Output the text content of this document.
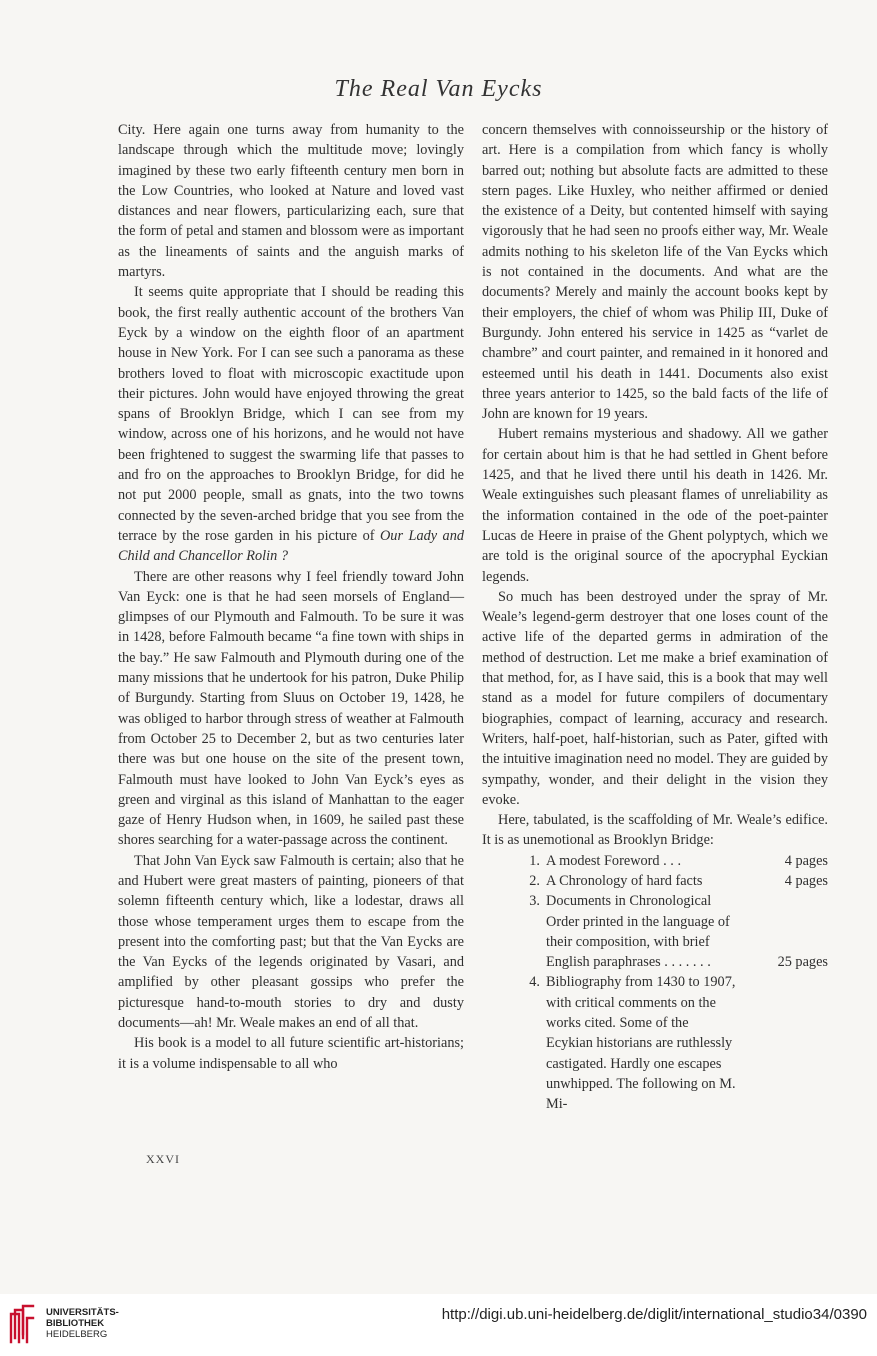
The Real Van Eycks

City. Here again one turns away from humanity to the landscape through which the multitude move; lovingly imagined by these two early fifteenth century men born in the Low Countries, who looked at Nature and loved vast distances and near flowers, particularizing each, sure that the form of petal and stamen and blossom were as important as the lineaments of saints and the anguish marks of martyrs.

It seems quite appropriate that I should be reading this book, the first really authentic account of the brothers Van Eyck by a window on the eighth floor of an apartment house in New York. For I can see such a panorama as these brothers loved to float with microscopic exactitude upon their pictures. John would have enjoyed throwing the great spans of Brooklyn Bridge, which I can see from my window, across one of his horizons, and he would not have been frightened to suggest the swarming life that passes to and fro on the approaches to Brooklyn Bridge, for did he not put 2000 people, small as gnats, into the two towns connected by the seven-arched bridge that you see from the terrace by the rose garden in his picture of Our Lady and Child and Chancellor Rolin ?

There are other reasons why I feel friendly toward John Van Eyck: one is that he had seen morsels of England—glimpses of our Plymouth and Falmouth. To be sure it was in 1428, before Falmouth became “a fine town with ships in the bay.” He saw Falmouth and Plymouth during one of the many missions that he undertook for his patron, Duke Philip of Burgundy. Starting from Sluus on October 19, 1428, he was obliged to harbor through stress of weather at Falmouth from October 25 to December 2, but as two centuries later there was but one house on the site of the present town, Falmouth must have looked to John Van Eyck’s eyes as green and virginal as this island of Manhattan to the eager gaze of Henry Hudson when, in 1609, he sailed past these shores searching for a water-passage across the continent.

That John Van Eyck saw Falmouth is certain; also that he and Hubert were great masters of painting, pioneers of that solemn fifteenth century which, like a lodestar, draws all those whose temperament urges them to escape from the present into the comforting past; but that the Van Eycks are the Van Eycks of the legends originated by Vasari, and amplified by other pleasant gossips who prefer the picturesque hand-to-mouth stories to dry and dusty documents—ah! Mr. Weale makes an end of all that.

His book is a model to all future scientific art-historians; it is a volume indispensable to all who

concern themselves with connoisseurship or the history of art. Here is a compilation from which fancy is wholly barred out; nothing but absolute facts are admitted to these stern pages. Like Huxley, who neither affirmed or denied the existence of a Deity, but contented himself with saying vigorously that he had seen no proofs either way, Mr. Weale admits nothing to his skeleton life of the Van Eycks which is not contained in the documents. And what are the documents? Merely and mainly the account books kept by their employers, the chief of whom was Philip III, Duke of Burgundy. John entered his service in 1425 as “varlet de chambre” and court painter, and remained in it honored and esteemed until his death in 1441. Documents also exist three years anterior to 1425, so the bald facts of the life of John are known for 19 years.

Hubert remains mysterious and shadowy. All we gather for certain about him is that he had settled in Ghent before 1425, and that he lived there until his death in 1426. Mr. Weale extinguishes such pleasant flames of unreliability as the information contained in the ode of the poet-painter Lucas de Heere in praise of the Ghent polyptych, which we are told is the original source of the apocryphal Eyckian legends.

So much has been destroyed under the spray of Mr. Weale’s legend-germ destroyer that one loses count of the active life of the departed germs in admiration of the method of destruction. Let me make a brief examination of that method, for, as I have said, this is a book that may well stand as a model for future compilers of documentary biographies, compact of learning, accuracy and research. Writers, half-poet, half-historian, such as Pater, gifted with the intuitive imagination need no model. They are guided by sympathy, wonder, and their delight in the vision they evoke.

Here, tabulated, is the scaffolding of Mr. Weale’s edifice. It is as unemotional as Brooklyn Bridge:

1. A modest Foreword . . .	4 pages
2. A Chronology of hard facts	4 pages
3. Documents in Chronological Order printed in the language of their composition, with brief English paraphrases . . . . . . .	25 pages
4. Bibliography from 1430 to 1907, with critical comments on the works cited. Some of the Ecykian historians are ruthlessly castigated. Hardly one escapes unwhipped. The following on M. Mi-
XXVI
UNIVERSITÄTS-
BIBLIOTHEK
HEIDELBERG
http://digi.ub.uni-heidelberg.de/diglit/international_studio34/0390
